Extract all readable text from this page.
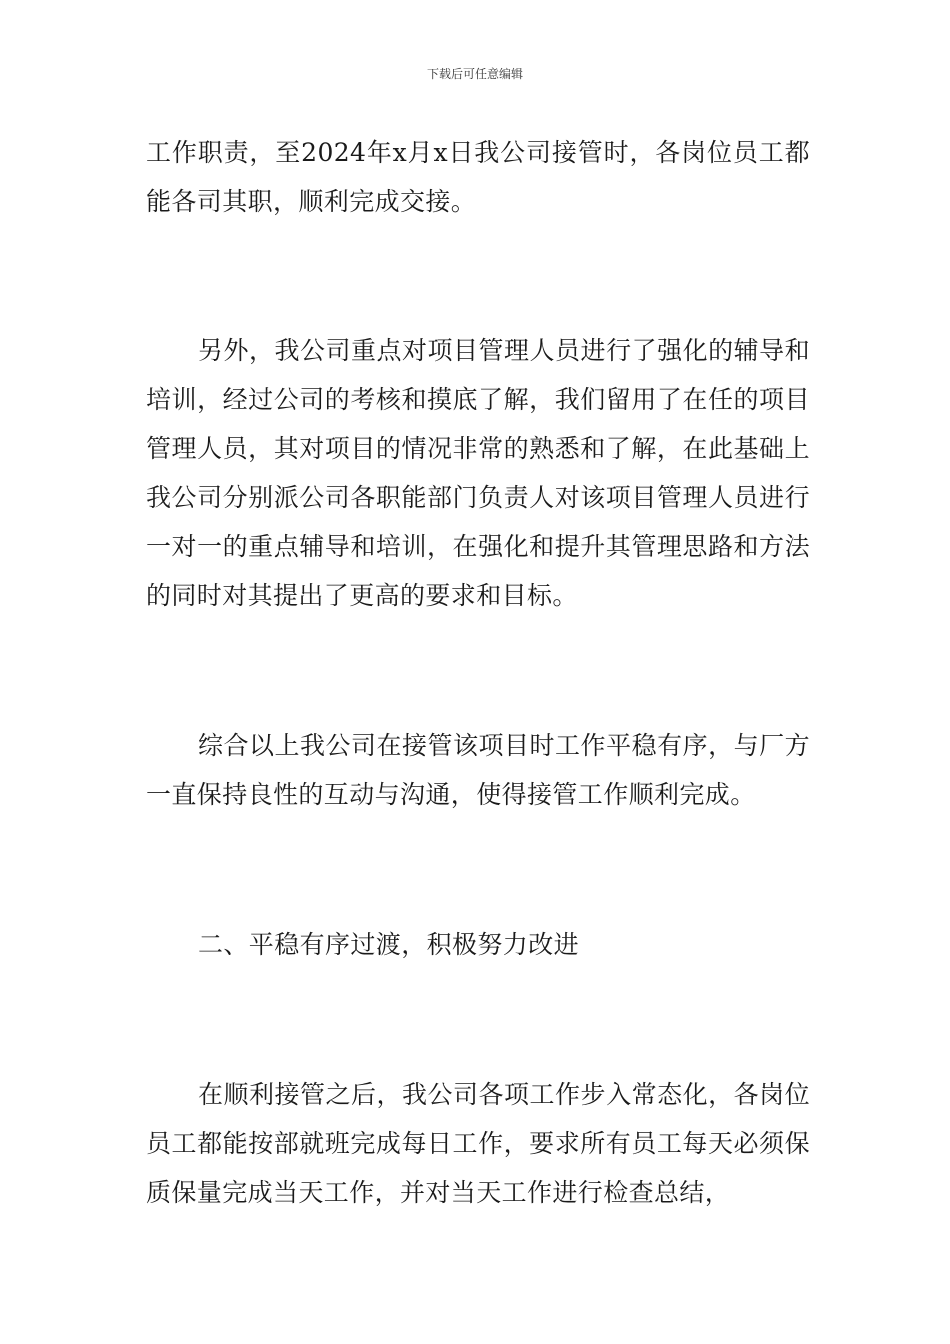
下载后可任意编辑

工作职责，至2024年x月x日我公司接管时，各岗位员工都能各司其职，顺利完成交接。

另外，我公司重点对项目管理人员进行了强化的辅导和培训，经过公司的考核和摸底了解，我们留用了在任的项目管理人员，其对项目的情况非常的熟悉和了解，在此基础上我公司分别派公司各职能部门负责人对该项目管理人员进行一对一的重点辅导和培训，在强化和提升其管理思路和方法的同时对其提出了更高的要求和目标。

综合以上我公司在接管该项目时工作平稳有序，与厂方一直保持良性的互动与沟通，使得接管工作顺利完成。

二、平稳有序过渡，积极努力改进

在顺利接管之后，我公司各项工作步入常态化，各岗位员工都能按部就班完成每日工作，要求所有员工每天必须保质保量完成当天工作，并对当天工作进行检查总结，
